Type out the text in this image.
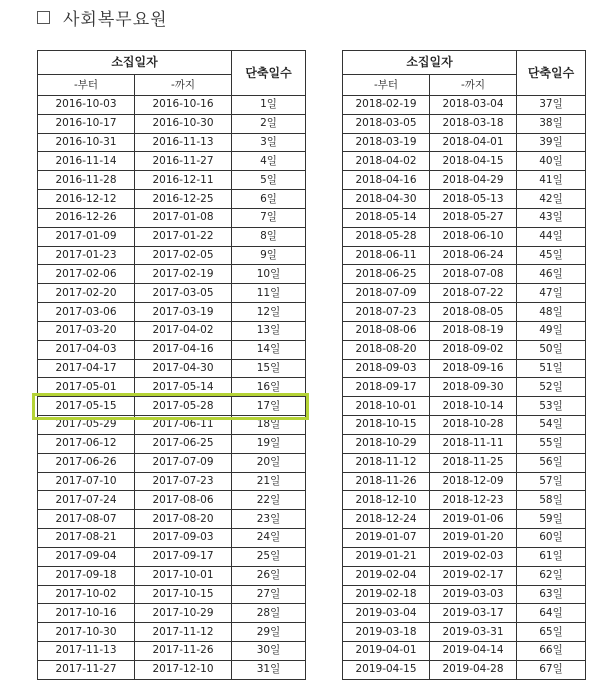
사회복무요원
소집일자		단축일수
-부터	-까지	
2016-10-03	2016-10-16	1일
2016-10-17	2016-10-30	2일
2016-10-31	2016-11-13	3일
2016-11-14	2016-11-27	4일
2016-11-28	2016-12-11	5일
2016-12-12	2016-12-25	6일
2016-12-26	2017-01-08	7일
2017-01-09	2017-01-22	8일
2017-01-23	2017-02-05	9일
2017-02-06	2017-02-19	10일
2017-02-20	2017-03-05	11일
2017-03-06	2017-03-19	12일
2017-03-20	2017-04-02	13일
2017-04-03	2017-04-16	14일
2017-04-17	2017-04-30	15일
2017-05-01	2017-05-14	16일
2017-05-15	2017-05-28	17일
2017-05-29	2017-06-11	18일
2017-06-12	2017-06-25	19일
2017-06-26	2017-07-09	20일
2017-07-10	2017-07-23	21일
2017-07-24	2017-08-06	22일
2017-08-07	2017-08-20	23일
2017-08-21	2017-09-03	24일
2017-09-04	2017-09-17	25일
2017-09-18	2017-10-01	26일
2017-10-02	2017-10-15	27일
2017-10-16	2017-10-29	28일
2017-10-30	2017-11-12	29일
2017-11-13	2017-11-26	30일
2017-11-27	2017-12-10	31일
소집일자		단축일수
-부터	-까지	
2018-02-19	2018-03-04	37일
2018-03-05	2018-03-18	38일
2018-03-19	2018-04-01	39일
2018-04-02	2018-04-15	40일
2018-04-16	2018-04-29	41일
2018-04-30	2018-05-13	42일
2018-05-14	2018-05-27	43일
2018-05-28	2018-06-10	44일
2018-06-11	2018-06-24	45일
2018-06-25	2018-07-08	46일
2018-07-09	2018-07-22	47일
2018-07-23	2018-08-05	48일
2018-08-06	2018-08-19	49일
2018-08-20	2018-09-02	50일
2018-09-03	2018-09-16	51일
2018-09-17	2018-09-30	52일
2018-10-01	2018-10-14	53일
2018-10-15	2018-10-28	54일
2018-10-29	2018-11-11	55일
2018-11-12	2018-11-25	56일
2018-11-26	2018-12-09	57일
2018-12-10	2018-12-23	58일
2018-12-24	2019-01-06	59일
2019-01-07	2019-01-20	60일
2019-01-21	2019-02-03	61일
2019-02-04	2019-02-17	62일
2019-02-18	2019-03-03	63일
2019-03-04	2019-03-17	64일
2019-03-18	2019-03-31	65일
2019-04-01	2019-04-14	66일
2019-04-15	2019-04-28	67일
